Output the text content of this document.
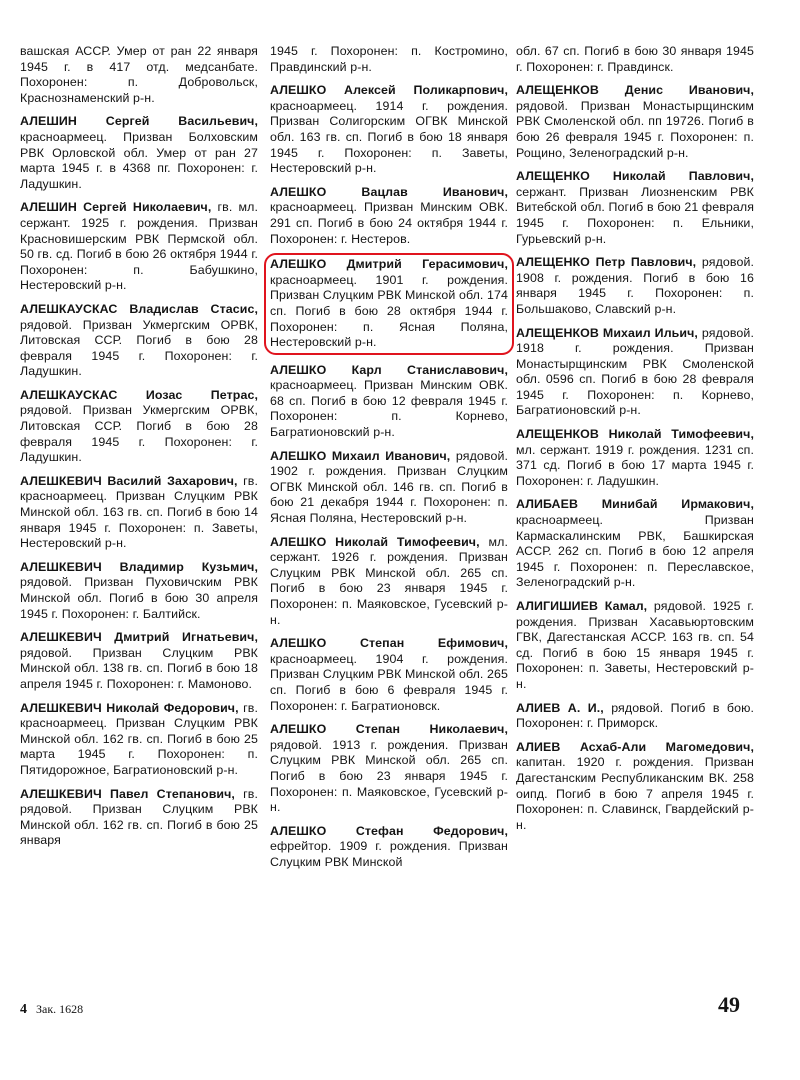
вашская АССР. Умер от ран 22 января 1945 г. в 417 отд. медсанбате. Похоронен: п. Добровольск, Краснознаменский р-н.

АЛЕШИН Сергей Васильевич, красноармеец. Призван Болховским РВК Орловской обл. Умер от ран 27 марта 1945 г. в 4368 пг. Похоронен: г. Ладушкин.

АЛЕШИН Сергей Николаевич, гв. мл. сержант. 1925 г. рождения. Призван Красновишерским РВК Пермской обл. 50 гв. сд. Погиб в бою 26 октября 1944 г. Похоронен: п. Бабушкино, Нестеровский р-н.

АЛЕШКАУСКАС Владислав Стасис, рядовой. Призван Укмергским ОРВК, Литовская ССР. Погиб в бою 28 февраля 1945 г. Похоронен: г. Ладушкин.

АЛЕШКАУСКАС Иозас Петрас, рядовой. Призван Укмергским ОРВК, Литовская ССР. Погиб в бою 28 февраля 1945 г. Похоронен: г. Ладушкин.

АЛЕШКЕВИЧ Василий Захарович, гв. красноармеец. Призван Слуцким РВК Минской обл. 163 гв. сп. Погиб в бою 14 января 1945 г. Похоронен: п. Заветы, Нестеровский р-н.

АЛЕШКЕВИЧ Владимир Кузьмич, рядовой. Призван Пуховичским РВК Минской обл. Погиб в бою 30 апреля 1945 г. Похоронен: г. Балтийск.

АЛЕШКЕВИЧ Дмитрий Игнатьевич, рядовой. Призван Слуцким РВК Минской обл. 138 гв. сп. Погиб в бою 18 апреля 1945 г. Похоронен: г. Мамоново.

АЛЕШКЕВИЧ Николай Федорович, гв. красноармеец. Призван Слуцким РВК Минской обл. 162 гв. сп. Погиб в бою 25 марта 1945 г. Похоронен: п. Пятидорожное, Багратионовский р-н.

АЛЕШКЕВИЧ Павел Степанович, гв. рядовой. Призван Слуцким РВК Минской обл. 162 гв. сп. Погиб в бою 25 января

1945 г. Похоронен: п. Костромино, Правдинский р-н.

АЛЕШКО Алексей Поликарпович, красноармеец. 1914 г. рождения. Призван Солигорским ОГВК Минской обл. 163 гв. сп. Погиб в бою 18 января 1945 г. Похоронен: п. Заветы, Нестеровский р-н.

АЛЕШКО Вацлав Иванович, красноармеец. Призван Минским ОВК. 291 сп. Погиб в бою 24 октября 1944 г. Похоронен: г. Нестеров.

АЛЕШКО Дмитрий Герасимович, красноармеец. 1901 г. рождения. Призван Слуцким РВК Минской обл. 174 сп. Погиб в бою 28 октября 1944 г. Похоронен: п. Ясная Поляна, Нестеровский р-н.

АЛЕШКО Карл Станиславович, красноармеец. Призван Минским ОВК. 68 сп. Погиб в бою 12 февраля 1945 г. Похоронен: п. Корнево, Багратионовский р-н.

АЛЕШКО Михаил Иванович, рядовой. 1902 г. рождения. Призван Слуцким ОГВК Минской обл. 146 гв. сп. Погиб в бою 21 декабря 1944 г. Похоронен: п. Ясная Поляна, Нестеровский р-н.

АЛЕШКО Николай Тимофеевич, мл. сержант. 1926 г. рождения. Призван Слуцким РВК Минской обл. 265 сп. Погиб в бою 23 января 1945 г. Похоронен: п. Маяковское, Гусевский р-н.

АЛЕШКО Степан Ефимович, красноармеец. 1904 г. рождения. Призван Слуцким РВК Минской обл. 265 сп. Погиб в бою 6 февраля 1945 г. Похоронен: г. Багратионовск.

АЛЕШКО Степан Николаевич, рядовой. 1913 г. рождения. Призван Слуцким РВК Минской обл. 265 сп. Погиб в бою 23 января 1945 г. Похоронен: п. Маяковское, Гусевский р-н.

АЛЕШКО Стефан Федорович, ефрейтор. 1909 г. рождения. Призван Слуцким РВК Минской

обл. 67 сп. Погиб в бою 30 января 1945 г. Похоронен: г. Правдинск.

АЛЕЩЕНКОВ Денис Иванович, рядовой. Призван Монастырщинским РВК Смоленской обл. пп 19726. Погиб в бою 26 февраля 1945 г. Похоронен: п. Рощино, Зеленоградский р-н.

АЛЕЩЕНКО Николай Павлович, сержант. Призван Лиозненским РВК Витебской обл. Погиб в бою 21 февраля 1945 г. Похоронен: п. Ельники, Гурьевский р-н.

АЛЕЩЕНКО Петр Павлович, рядовой. 1908 г. рождения. Погиб в бою 16 января 1945 г. Похоронен: п. Большаково, Славский р-н.

АЛЕЩЕНКОВ Михаил Ильич, рядовой. 1918 г. рождения. Призван Монастырщинским РВК Смоленской обл. 0596 сп. Погиб в бою 28 февраля 1945 г. Похоронен: п. Корнево, Багратионовский р-н.

АЛЕЩЕНКОВ Николай Тимофеевич, мл. сержант. 1919 г. рождения. 1231 сп. 371 сд. Погиб в бою 17 марта 1945 г. Похоронен: г. Ладушкин.

АЛИБАЕВ Минибай Ирмакович, красноармеец. Призван Кармаскалинским РВК, Башкирская АССР. 262 сп. Погиб в бою 12 апреля 1945 г. Похоронен: п. Переславское, Зеленоградский р-н.

АЛИГИШИЕВ Камал, рядовой. 1925 г. рождения. Призван Хасавьюртовским ГВК, Дагестанская АССР. 163 гв. сп. 54 сд. Погиб в бою 15 января 1945 г. Похоронен: п. Заветы, Нестеровский р-н.

АЛИЕВ А. И., рядовой. Погиб в бою. Похоронен: г. Приморск.

АЛИЕВ Асхаб-Али Магомедович, капитан. 1920 г. рождения. Призван Дагестанским Республиканским ВК. 258 оипд. Погиб в бою 7 апреля 1945 г. Похоронен: п. Славинск, Гвардейский р-н.

4 Зак. 1628	49
